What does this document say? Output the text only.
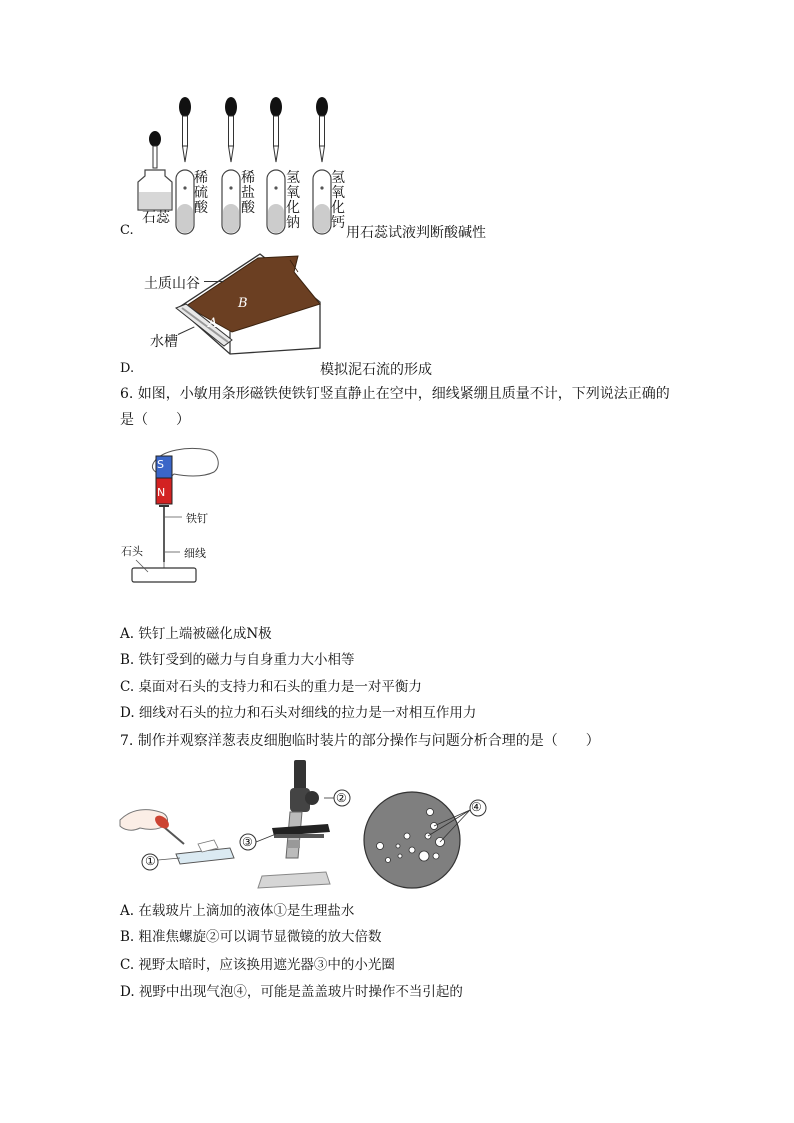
石蕊
稀
硫
酸
稀
盐
酸
氢
氧
化
钠
氢
氧
化
钙
C.	用石蕊试液判断酸碱性
土质山谷
水槽
A
B
D.	模拟泥石流的形成
6. 如图，小敏用条形磁铁使铁钉竖直静止在空中，细线紧绷且质量不计，下列说法正确的
是（　　）
S
N
铁钉
石头	细线
A. 铁钉上端被磁化成N极
B. 铁钉受到的磁力与自身重力大小相等
C. 桌面对石头的支持力和石头的重力是一对平衡力
D. 细线对石头的拉力和石头对细线的拉力是一对相互作用力
7. 制作并观察洋葱表皮细胞临时装片的部分操作与问题分析合理的是（　　）
①
②
③
④
A. 在载玻片上滴加的液体①是生理盐水
B. 粗准焦螺旋②可以调节显微镜的放大倍数
C. 视野太暗时，应该换用遮光器③中的小光圈
D. 视野中出现气泡④，可能是盖盖玻片时操作不当引起的
